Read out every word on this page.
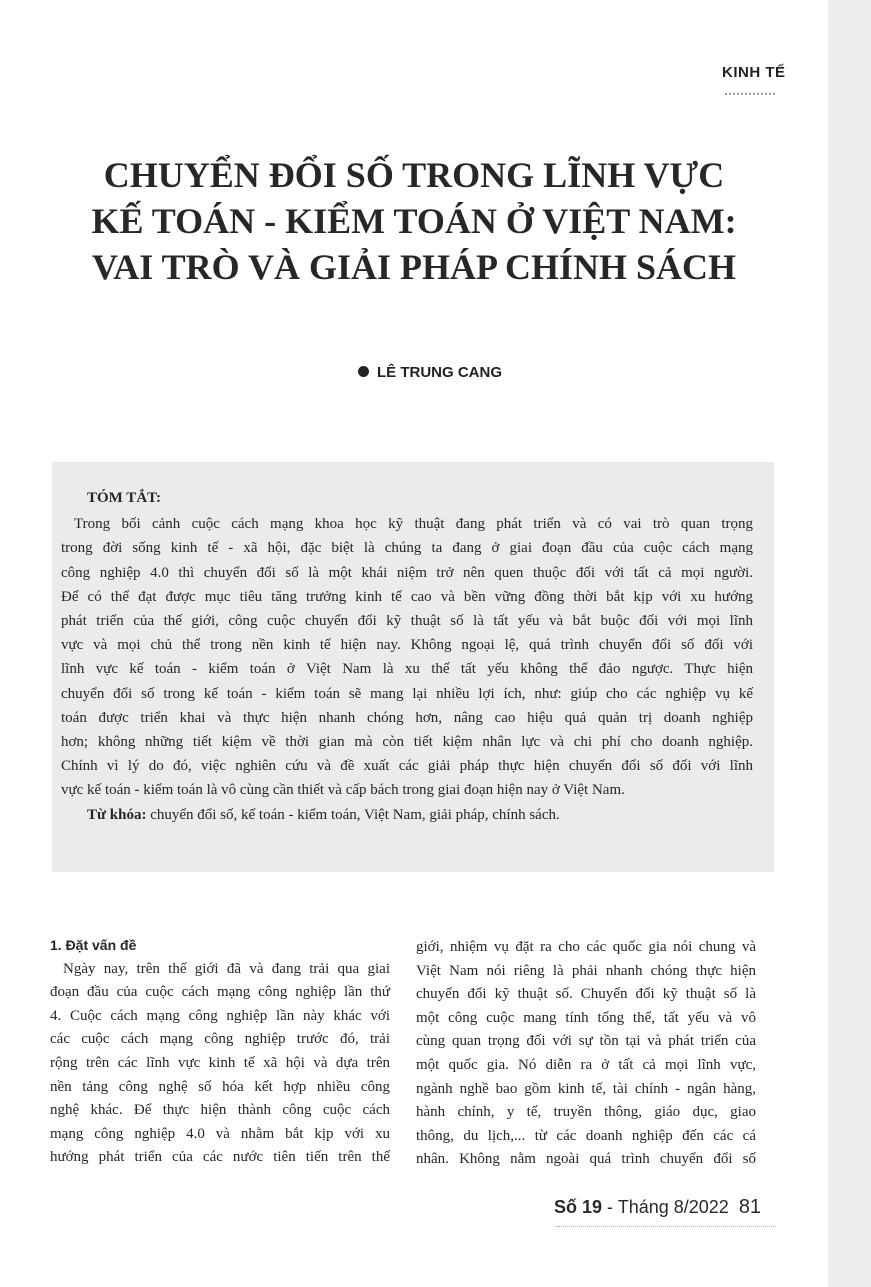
KINH TẾ
CHUYỂN ĐỔI SỐ TRONG LĨNH VỰC
KẾ TOÁN - KIỂM TOÁN Ở VIỆT NAM:
VAI TRÒ VÀ GIẢI PHÁP CHÍNH SÁCH
LÊ TRUNG CANG

TÓM TẮT:

Trong bối cảnh cuộc cách mạng khoa học kỹ thuật đang phát triển và có vai trò quan trọng
trong đời sống kinh tế - xã hội, đặc biệt là chúng ta đang ở giai đoạn đầu của cuộc cách mạng
công nghiệp 4.0 thì chuyển đổi số là một khái niệm trở nên quen thuộc đối với tất cả mọi người.
Để có thể đạt được mục tiêu tăng trưởng kinh tế cao và bền vững đồng thời bắt kịp với xu hướng
phát triển của thế giới, công cuộc chuyển đổi kỹ thuật số là tất yếu và bắt buộc đối với mọi lĩnh
vực và mọi chủ thể trong nền kinh tế hiện nay. Không ngoại lệ, quá trình chuyển đổi số đối với
lĩnh vực kế toán - kiểm toán ở Việt Nam là xu thế tất yếu không thể đảo ngược. Thực hiện
chuyển đổi số trong kế toán - kiểm toán sẽ mang lại nhiều lợi ích, như: giúp cho các nghiệp vụ kế
toán được triển khai và thực hiện nhanh chóng hơn, nâng cao hiệu quả quản trị doanh nghiệp
hơn; không những tiết kiệm về thời gian mà còn tiết kiệm nhân lực và chi phí cho doanh nghiệp.
Chính vì lý do đó, việc nghiên cứu và đề xuất các giải pháp thực hiện chuyển đổi số đối với lĩnh
vực kế toán - kiểm toán là vô cùng cần thiết và cấp bách trong giai đoạn hiện nay ở Việt Nam.

Từ khóa: chuyển đổi số, kế toán - kiểm toán, Việt Nam, giải pháp, chính sách.

1. Đặt vấn đề
Ngày nay, trên thế giới đã và đang trải qua giai
đoạn đầu của cuộc cách mạng công nghiệp lần thứ
4. Cuộc cách mạng công nghiệp lần này khác với
các cuộc cách mạng công nghiệp trước đó, trải
rộng trên các lĩnh vực kinh tế xã hội và dựa trên
nền tảng công nghệ số hóa kết hợp nhiều công
nghệ khác. Để thực hiện thành công cuộc cách
mạng công nghiệp 4.0 và nhằm bắt kịp với xu
hướng phát triển của các nước tiên tiến trên thế
giới, nhiệm vụ đặt ra cho các quốc gia nói chung và
Việt Nam nói riêng là phải nhanh chóng thực hiện
chuyển đổi kỹ thuật số. Chuyển đổi kỹ thuật số là
một công cuộc mang tính tổng thể, tất yếu và vô
cùng quan trọng đối với sự tồn tại và phát triển của
một quốc gia. Nó diễn ra ở tất cả mọi lĩnh vực,
ngành nghề bao gồm kinh tế, tài chính - ngân hàng,
hành chính, y tế, truyền thông, giáo dục, giao
thông, du lịch,... từ các doanh nghiệp đến các cá
nhân. Không nằm ngoài quá trình chuyển đổi số
Số 19 - Tháng 8/2022 81
